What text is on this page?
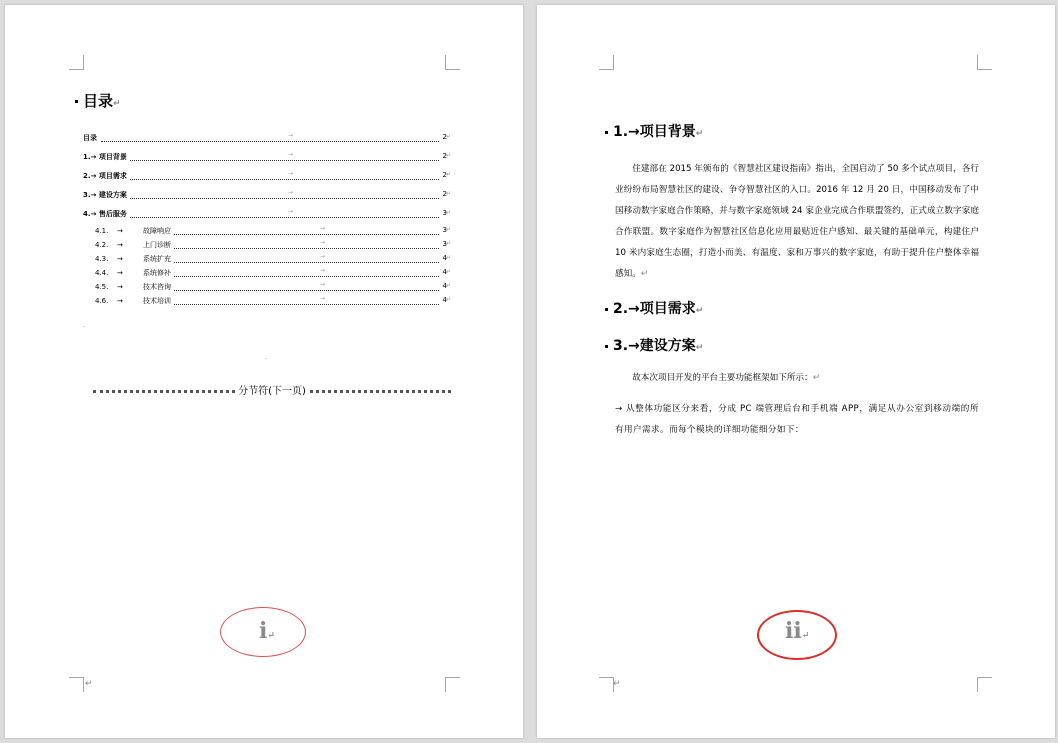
目录↵
目录	→	2
↵
1.→ 项目背景	→	2
↵
2.→ 项目需求	→	2
↵
3.→ 建设方案	→	2
↵
4.→ 售后服务	→	3
↵
4.1. →	故障响应	→	3
↵
4.2. →	上门诊断	→	3
↵
4.3. →	系统扩充	→	4
↵
4.4. →	系统修补	→	4
↵
4.5. →	技术咨询	→	4
↵
4.6. →	技术培训	→	4
↵
·
·
分节符(下一页)
i↵
↵
1.→项目背景↵
住建部在 2015 年颁布的《智慧社区建设指南》指出，全国启动了 50 多个试点项目，各行业纷纷布局智慧社区的建设、争夺智慧社区的入口。2016 年 12 月 20 日，中国移动发布了中国移动数字家庭合作策略，并与数字家庭领域 24 家企业完成合作联盟签约，正式成立数字家庭合作联盟。数字家庭作为智慧社区信息化应用最贴近住户感知、最关键的基础单元，构建住户 10 米内家庭生态圈，打造小而美、有温度、家和万事兴的数字家庭，有助于提升住户整体幸福感知。↵
2.→项目需求↵
3.→建设方案↵
故本次项目开发的平台主要功能框架如下所示：↵
→ 从整体功能区分来看，分成 PC 端管理后台和手机端 APP，满足从办公室到移动端的所有用户需求。而每个模块的详细功能细分如下：
ii↵
↵
